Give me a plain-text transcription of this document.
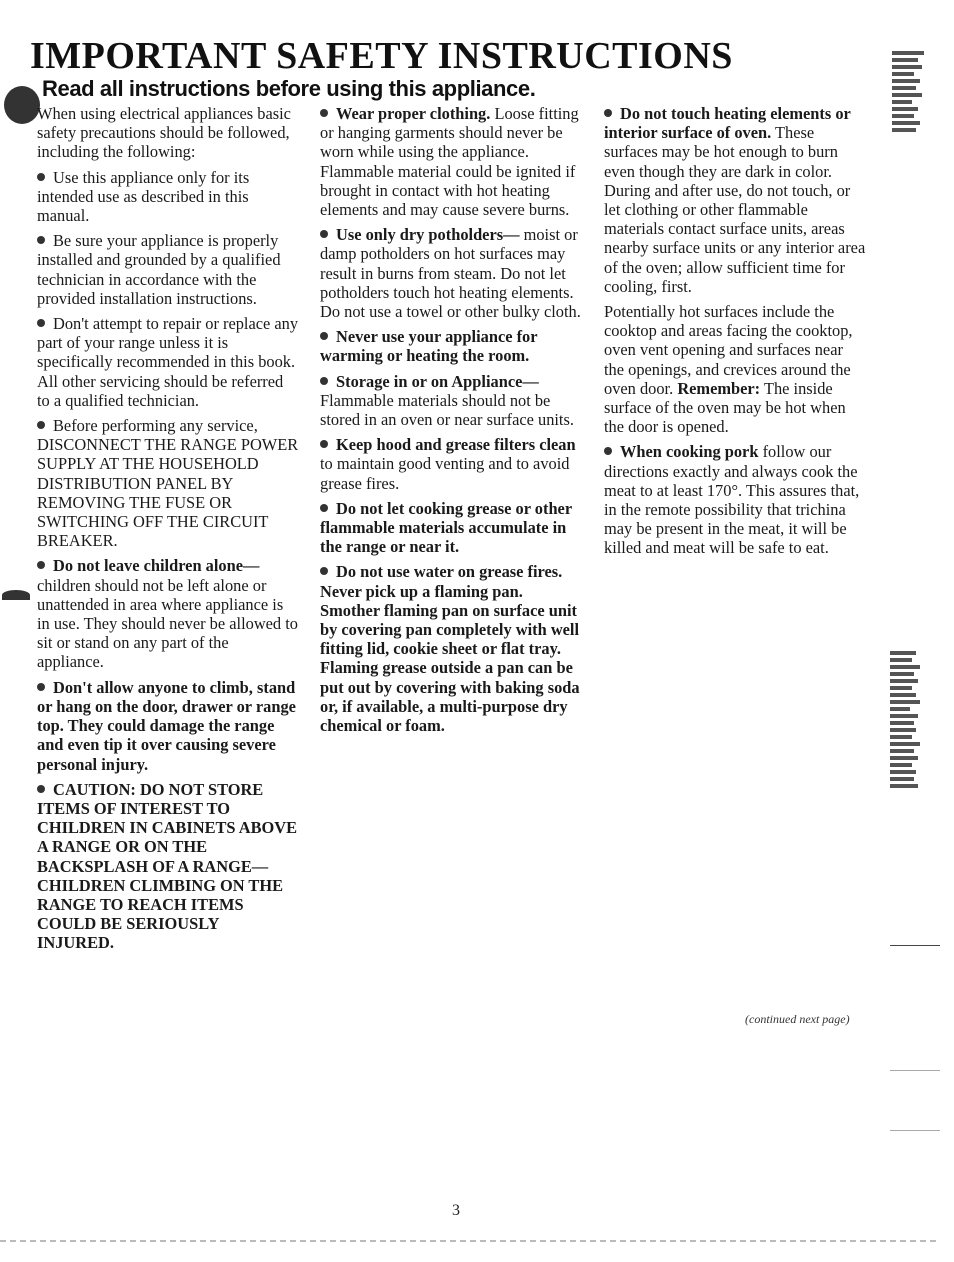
IMPORTANT SAFETY INSTRUCTIONS
Read all instructions before using this appliance.

When using electrical appliances basic safety precautions should be followed, including the following:

Use this appliance only for its intended use as described in this manual.

Be sure your appliance is properly installed and grounded by a qualified technician in accordance with the provided installation instructions.

Don't attempt to repair or replace any part of your range unless it is specifically recommended in this book. All other servicing should be referred to a qualified technician.

Before performing any service, DISCONNECT THE RANGE POWER SUPPLY AT THE HOUSEHOLD DISTRIBUTION PANEL BY REMOVING THE FUSE OR SWITCHING OFF THE CIRCUIT BREAKER.

Do not leave children alone— children should not be left alone or unattended in area where appliance is in use. They should never be allowed to sit or stand on any part of the appliance.

Don't allow anyone to climb, stand or hang on the door, drawer or range top. They could damage the range and even tip it over causing severe personal injury.

CAUTION: DO NOT STORE ITEMS OF INTEREST TO CHILDREN IN CABINETS ABOVE A RANGE OR ON THE BACKSPLASH OF A RANGE—CHILDREN CLIMBING ON THE RANGE TO REACH ITEMS COULD BE SERIOUSLY INJURED.

Wear proper clothing. Loose fitting or hanging garments should never be worn while using the appliance. Flammable material could be ignited if brought in contact with hot heating elements and may cause severe burns.

Use only dry potholders— moist or damp potholders on hot surfaces may result in burns from steam. Do not let potholders touch hot heating elements. Do not use a towel or other bulky cloth.

Never use your appliance for warming or heating the room.

Storage in or on Appliance— Flammable materials should not be stored in an oven or near surface units.

Keep hood and grease filters clean to maintain good venting and to avoid grease fires.

Do not let cooking grease or other flammable materials accumulate in the range or near it.

Do not use water on grease fires. Never pick up a flaming pan. Smother flaming pan on surface unit by covering pan completely with well fitting lid, cookie sheet or flat tray. Flaming grease outside a pan can be put out by covering with baking soda or, if available, a multi-purpose dry chemical or foam.

Do not touch heating elements or interior surface of oven. These surfaces may be hot enough to burn even though they are dark in color. During and after use, do not touch, or let clothing or other flammable materials contact surface units, areas nearby surface units or any interior area of the oven; allow sufficient time for cooling, first.

Potentially hot surfaces include the cooktop and areas facing the cooktop, oven vent opening and surfaces near the openings, and crevices around the oven door. Remember: The inside surface of the oven may be hot when the door is opened.

When cooking pork follow our directions exactly and always cook the meat to at least 170°. This assures that, in the remote possibility that trichina may be present in the meat, it will be killed and meat will be safe to eat.

(continued next page)
3
